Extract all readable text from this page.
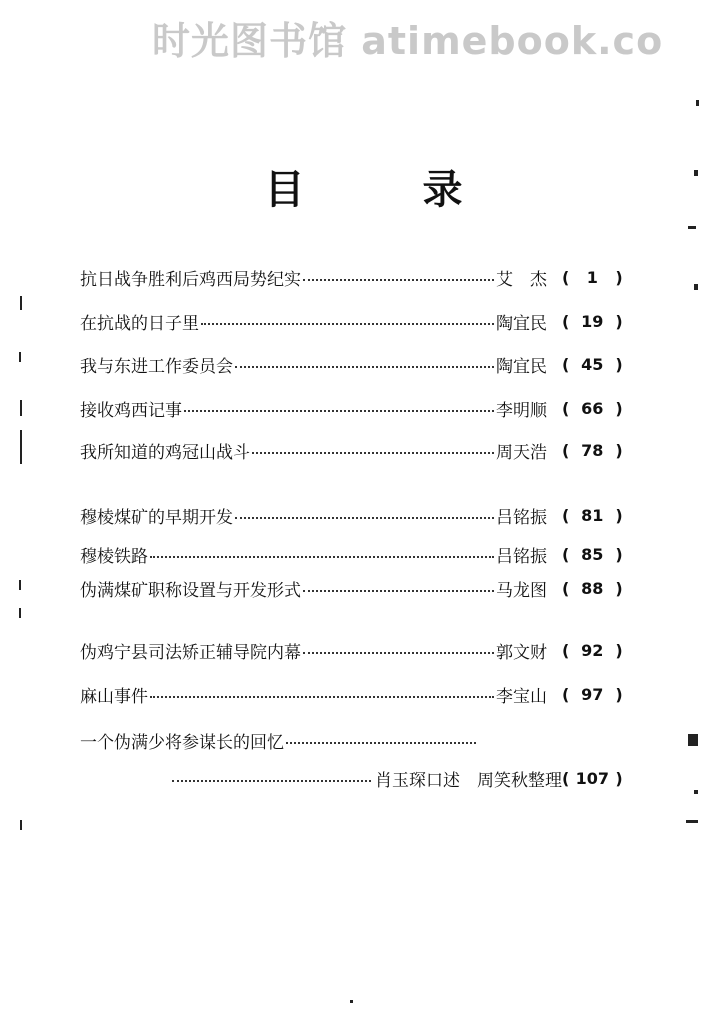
时光图书馆 atimebook.co
目	录
抗日战争胜利后鸡西局势纪实	艾　杰 ( 1 )
在抗战的日子里	陶宜民 ( 19 )
我与东进工作委员会	陶宜民 ( 45 )
接收鸡西记事	李明顺 ( 66 )
我所知道的鸡冠山战斗	周天浩 ( 78 )
穆棱煤矿的早期开发	吕铭振 ( 81 )
穆棱铁路	吕铭振 ( 85 )
伪满煤矿职称设置与开发形式	马龙图 ( 88 )
伪鸡宁县司法矫正辅导院内幕	郭文财 ( 92 )
麻山事件	李宝山 ( 97 )
一个伪满少将参谋长的回忆
肖玉琛口述　周笑秋整理 ( 107 )
